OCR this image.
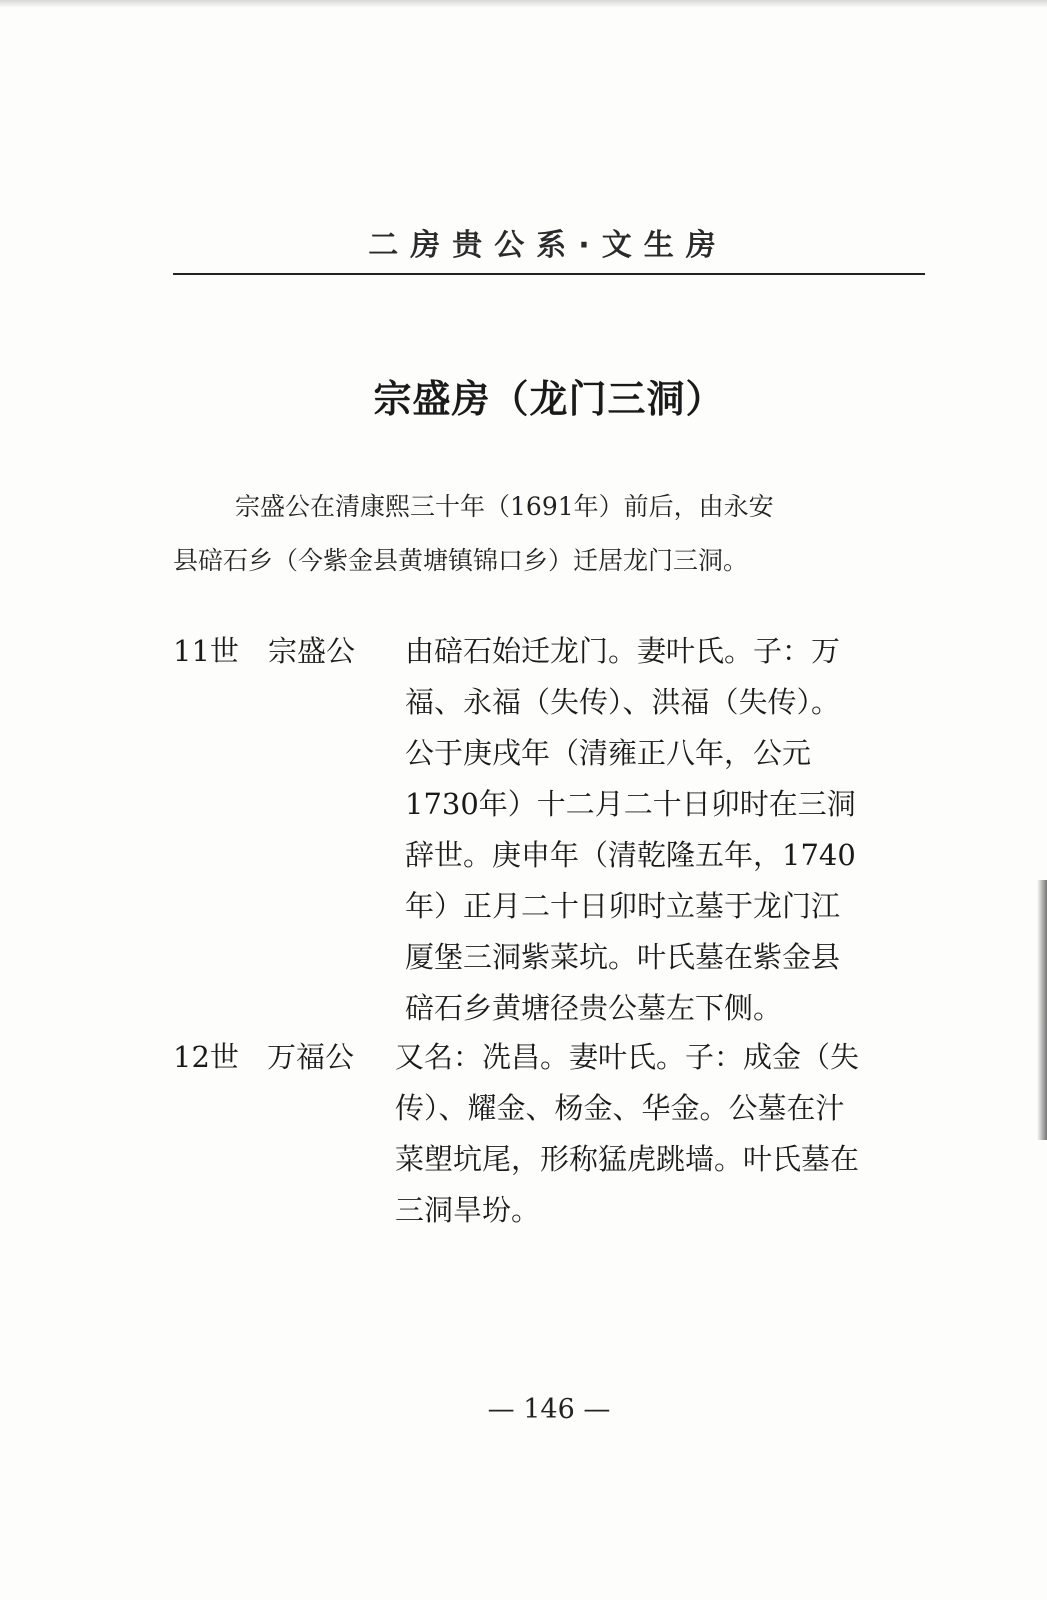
二房贵公系·文生房
宗盛房（龙门三洞）
宗盛公在清康熙三十年（1691年）前后，由永安
县碚石乡（今紫金县黄塘镇锦口乡）迁居龙门三洞。
11世 宗盛公 由碚石始迁龙门。妻叶氏。子：万
福、永福（失传）、洪福（失传）。
公于庚戌年（清雍正八年，公元
1730年）十二月二十日卯时在三洞
辞世。庚申年（清乾隆五年，1740
年）正月二十日卯时立墓于龙门江
厦堡三洞紫菜坑。叶氏墓在紫金县
碚石乡黄塘径贵公墓左下侧。
12世 万福公 又名：冼昌。妻叶氏。子：成金（失
传）、耀金、杨金、华金。公墓在汁
菜塱坑尾，形称猛虎跳墙。叶氏墓在
三洞旱坋。
— 146 —
